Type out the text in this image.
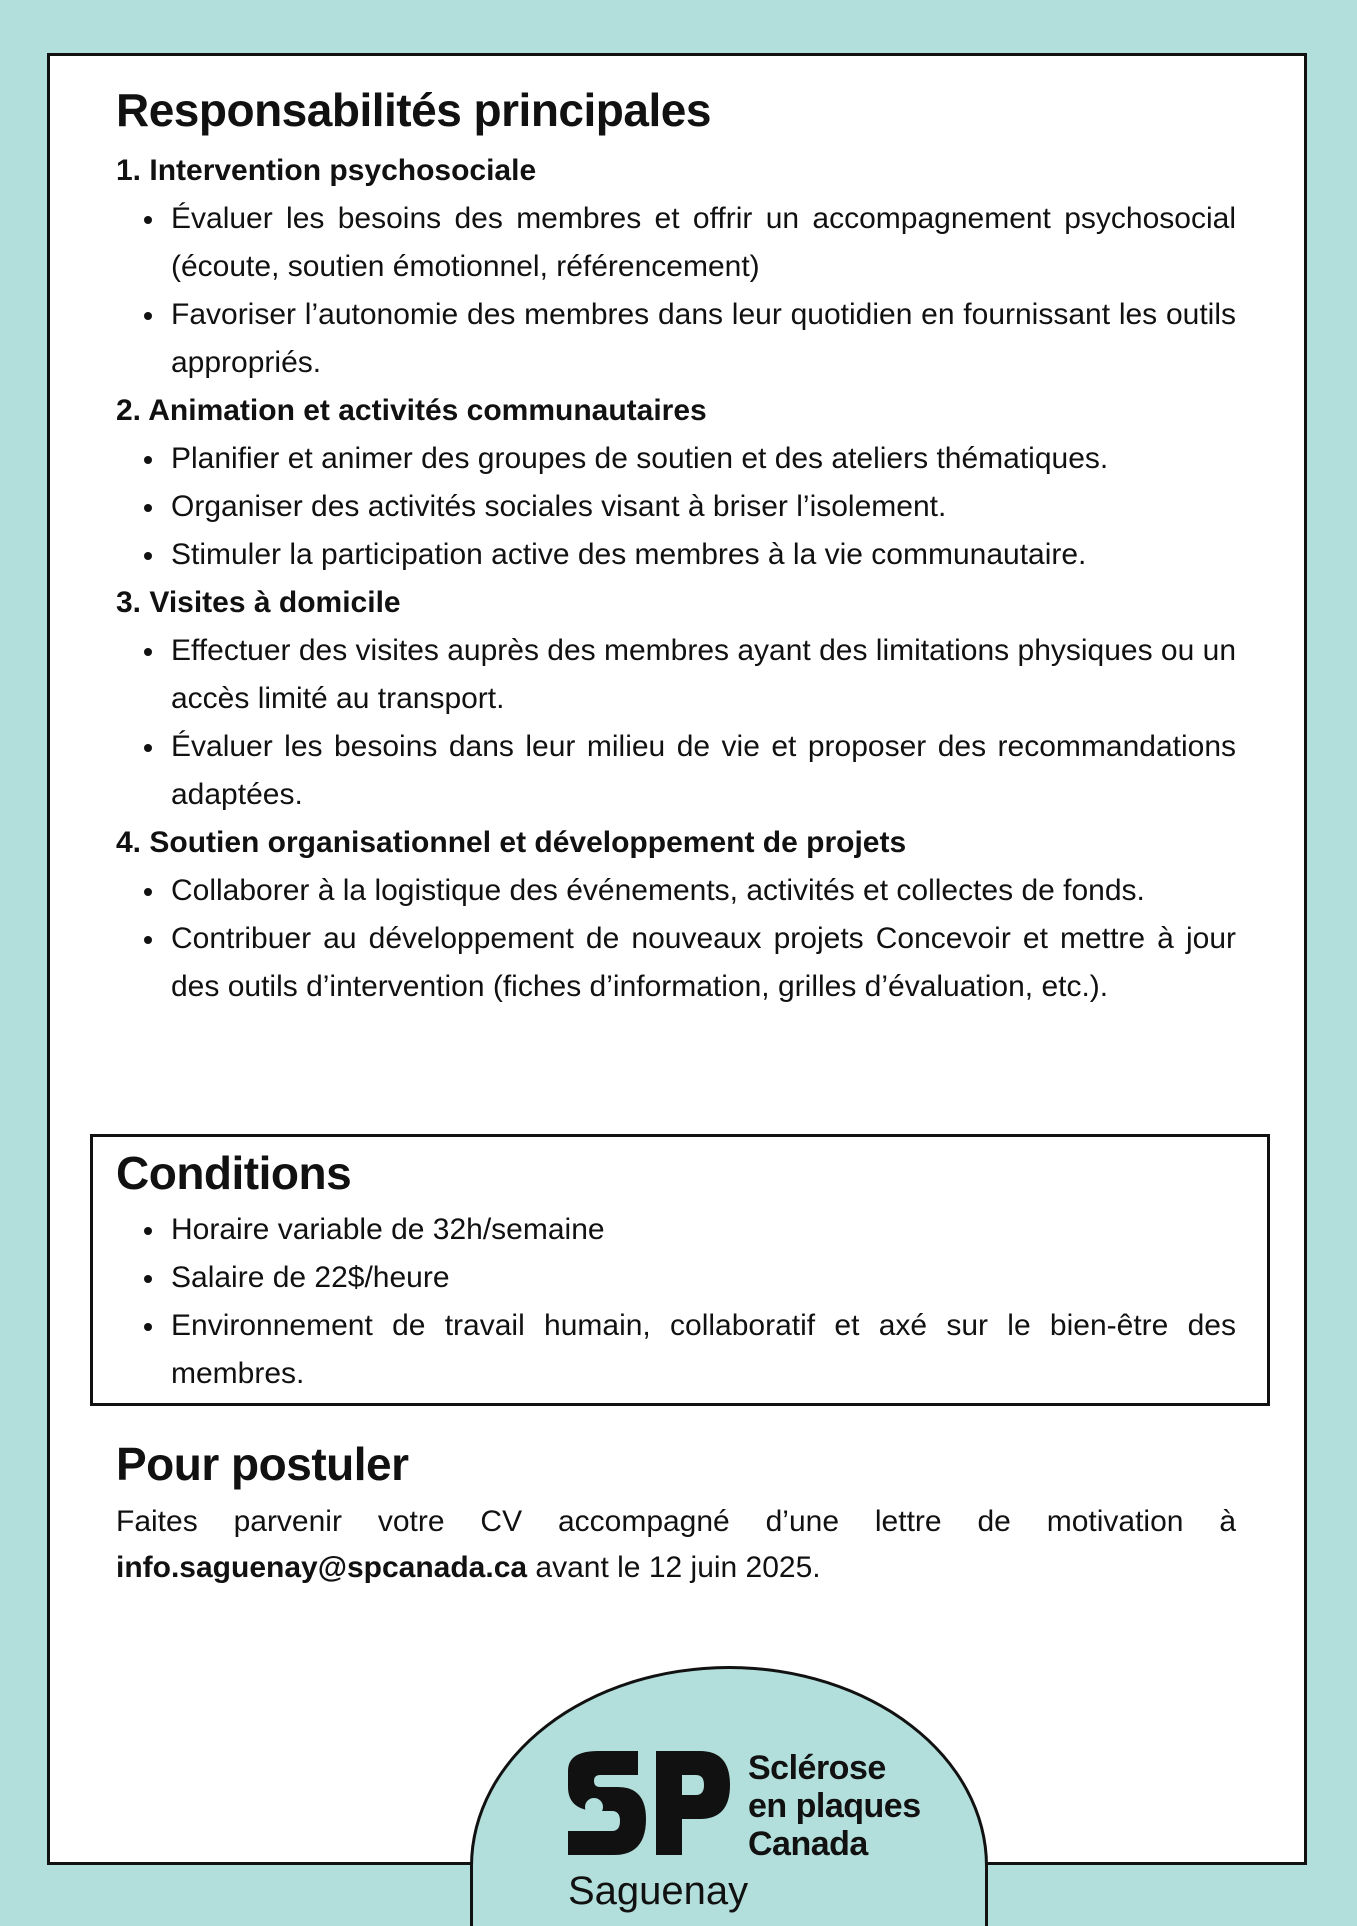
Responsabilités principales
1. Intervention psychosociale
Évaluer les besoins des membres et offrir un accompagnement psychosocial (écoute, soutien émotionnel, référencement)
Favoriser l’autonomie des membres dans leur quotidien en fournissant les outils appropriés.
2. Animation et activités communautaires
Planifier et animer des groupes de soutien et des ateliers thématiques.
Organiser des activités sociales visant à briser l’isolement.
Stimuler la participation active des membres à la vie communautaire.
3. Visites à domicile
Effectuer des visites auprès des membres ayant des limitations physiques ou un accès limité au transport.
Évaluer les besoins dans leur milieu de vie et proposer des recommandations adaptées.
4. Soutien organisationnel et développement de projets
Collaborer à la logistique des événements, activités et collectes de fonds.
Contribuer au développement de nouveaux projets Concevoir et mettre à jour des outils d’intervention (fiches d’information, grilles d’évaluation, etc.).
Conditions
Horaire variable de 32h/semaine
Salaire de 22$/heure
Environnement de travail humain, collaboratif et axé sur le bien-être des membres.
Pour postuler

Faites parvenir votre CV accompagné d’une lettre de motivation à info.saguenay@spcanada.ca avant le 12 juin 2025.

Sclérose
en plaques
Canada
Saguenay
